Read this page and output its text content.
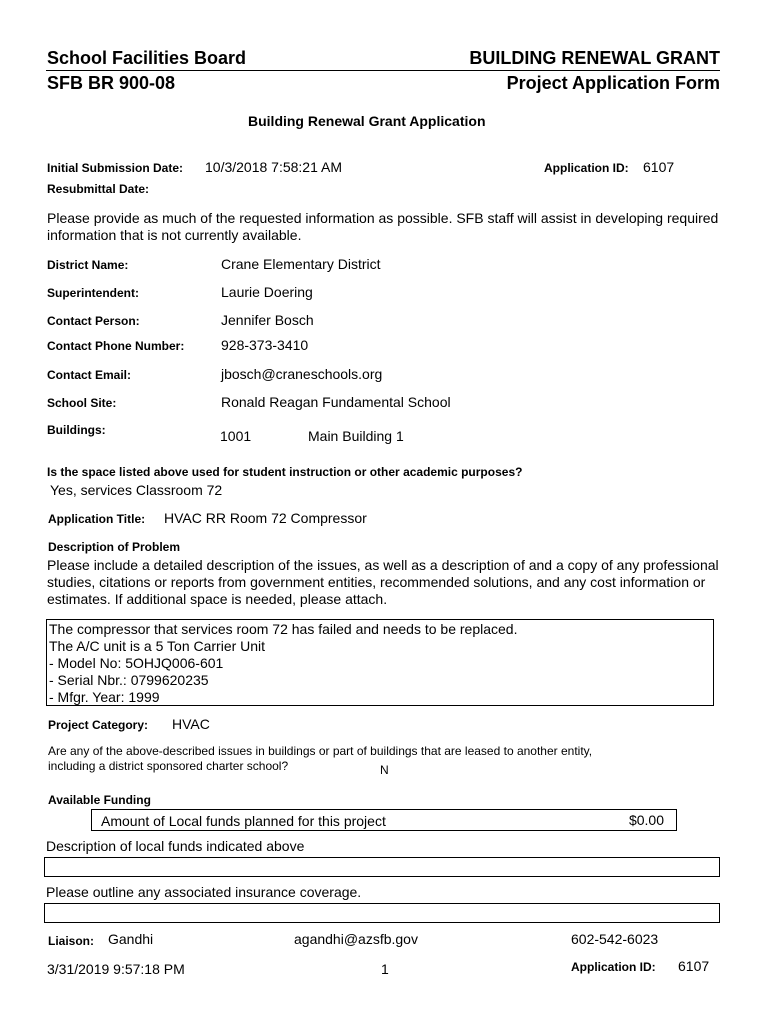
School Facilities Board	BUILDING RENEWAL GRANT
SFB BR 900-08	Project Application Form
Building Renewal Grant Application
Initial Submission Date: 10/3/2018 7:58:21 AM	Application ID: 6107
Resubmittal Date:
Please provide as much of the requested information as possible. SFB staff will assist in developing required information that is not currently available.
District Name:	Crane Elementary District
Superintendent:	Laurie Doering
Contact Person:	Jennifer Bosch
Contact Phone Number:	928-373-3410
Contact Email:	jbosch@craneschools.org
School Site:	Ronald Reagan Fundamental School
Buildings:	1001	Main Building 1
Is the space listed above used for student instruction or other academic purposes?
Yes, services Classroom 72
Application Title: HVAC RR Room 72 Compressor
Description of Problem
Please include a detailed description of the issues, as well as a description of and a copy of any professional studies, citations or reports from government entities, recommended solutions, and any cost information or estimates. If additional space is needed, please attach.
The compressor that services room 72 has failed and needs to be replaced.
The A/C unit is a 5 Ton Carrier Unit
- Model No: 5OHJQ006-601
- Serial Nbr.: 0799620235
- Mfgr. Year: 1999
Project Category: HVAC
Are any of the above-described issues in buildings or part of buildings that are leased to another entity,
including a district sponsored charter school?	N
Available Funding
Amount of Local funds planned for this project	$0.00
Description of local funds indicated above
Please outline any associated insurance coverage.
Liaison: Gandhi	agandhi@azsfb.gov	602-542-6023
3/31/2019 9:57:18 PM	1	Application ID: 6107
